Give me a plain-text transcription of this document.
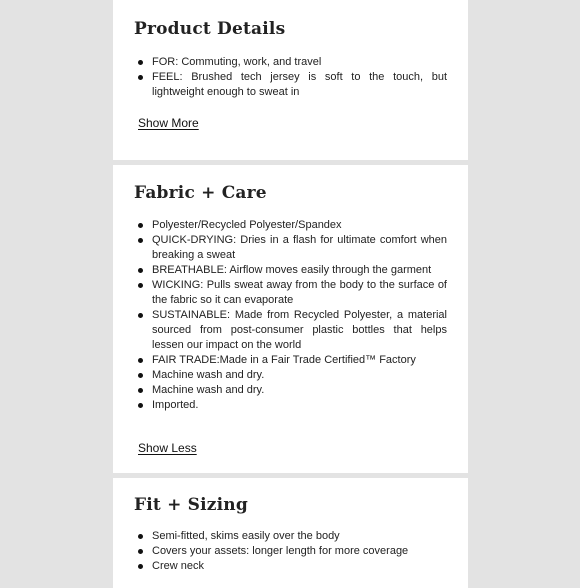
Product Details
FOR: Commuting, work, and travel
FEEL: Brushed tech jersey is soft to the touch, but lightweight enough to sweat in
Show More
Fabric + Care
Polyester/Recycled Polyester/Spandex
QUICK-DRYING: Dries in a flash for ultimate comfort when breaking a sweat
BREATHABLE: Airflow moves easily through the garment
WICKING: Pulls sweat away from the body to the surface of the fabric so it can evaporate
SUSTAINABLE: Made from Recycled Polyester, a material sourced from post-consumer plastic bottles that helps lessen our impact on the world
FAIR TRADE:Made in a Fair Trade Certified™ Factory
Machine wash and dry.
Machine wash and dry.
Imported.
Show Less
Fit + Sizing
Semi-fitted, skims easily over the body
Covers your assets: longer length for more coverage
Crew neck
